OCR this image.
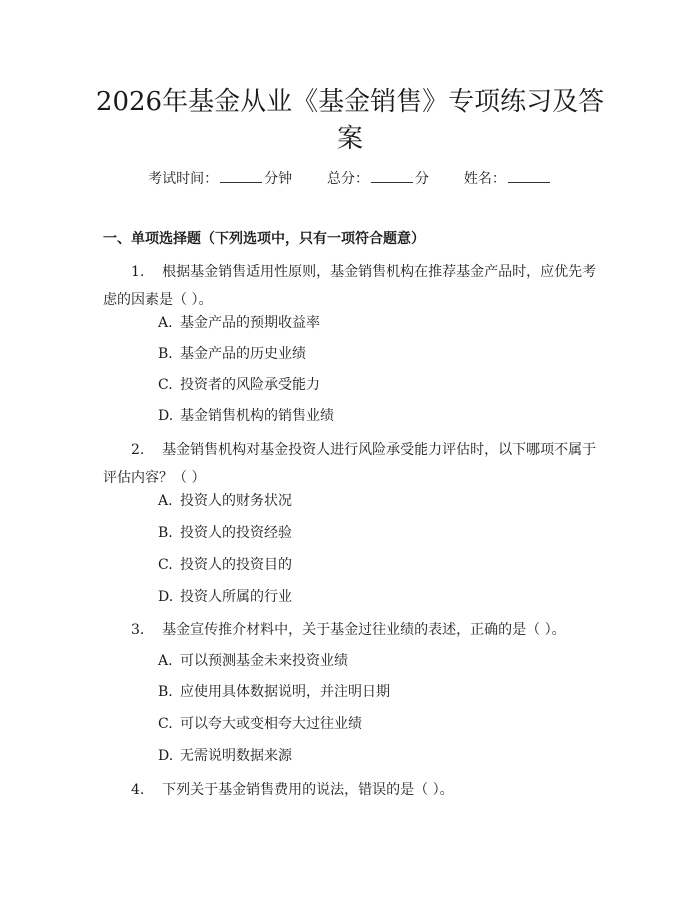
2026年基金从业《基金销售》专项练习及答案
考试时间：	分钟 总分：	分 姓名：
一、单项选择题（下列选项中，只有一项符合题意）
1. 根据基金销售适用性原则，基金销售机构在推荐基金产品时，应优先考虑的因素是（ ）。
A. 基金产品的预期收益率
B. 基金产品的历史业绩
C. 投资者的风险承受能力
D. 基金销售机构的销售业绩
2. 基金销售机构对基金投资人进行风险承受能力评估时，以下哪项不属于评估内容？（ ）
A. 投资人的财务状况
B. 投资人的投资经验
C. 投资人的投资目的
D. 投资人所属的行业
3. 基金宣传推介材料中，关于基金过往业绩的表述，正确的是（ ）。
A. 可以预测基金未来投资业绩
B. 应使用具体数据说明，并注明日期
C. 可以夸大或变相夸大过往业绩
D. 无需说明数据来源
4. 下列关于基金销售费用的说法，错误的是（ ）。
